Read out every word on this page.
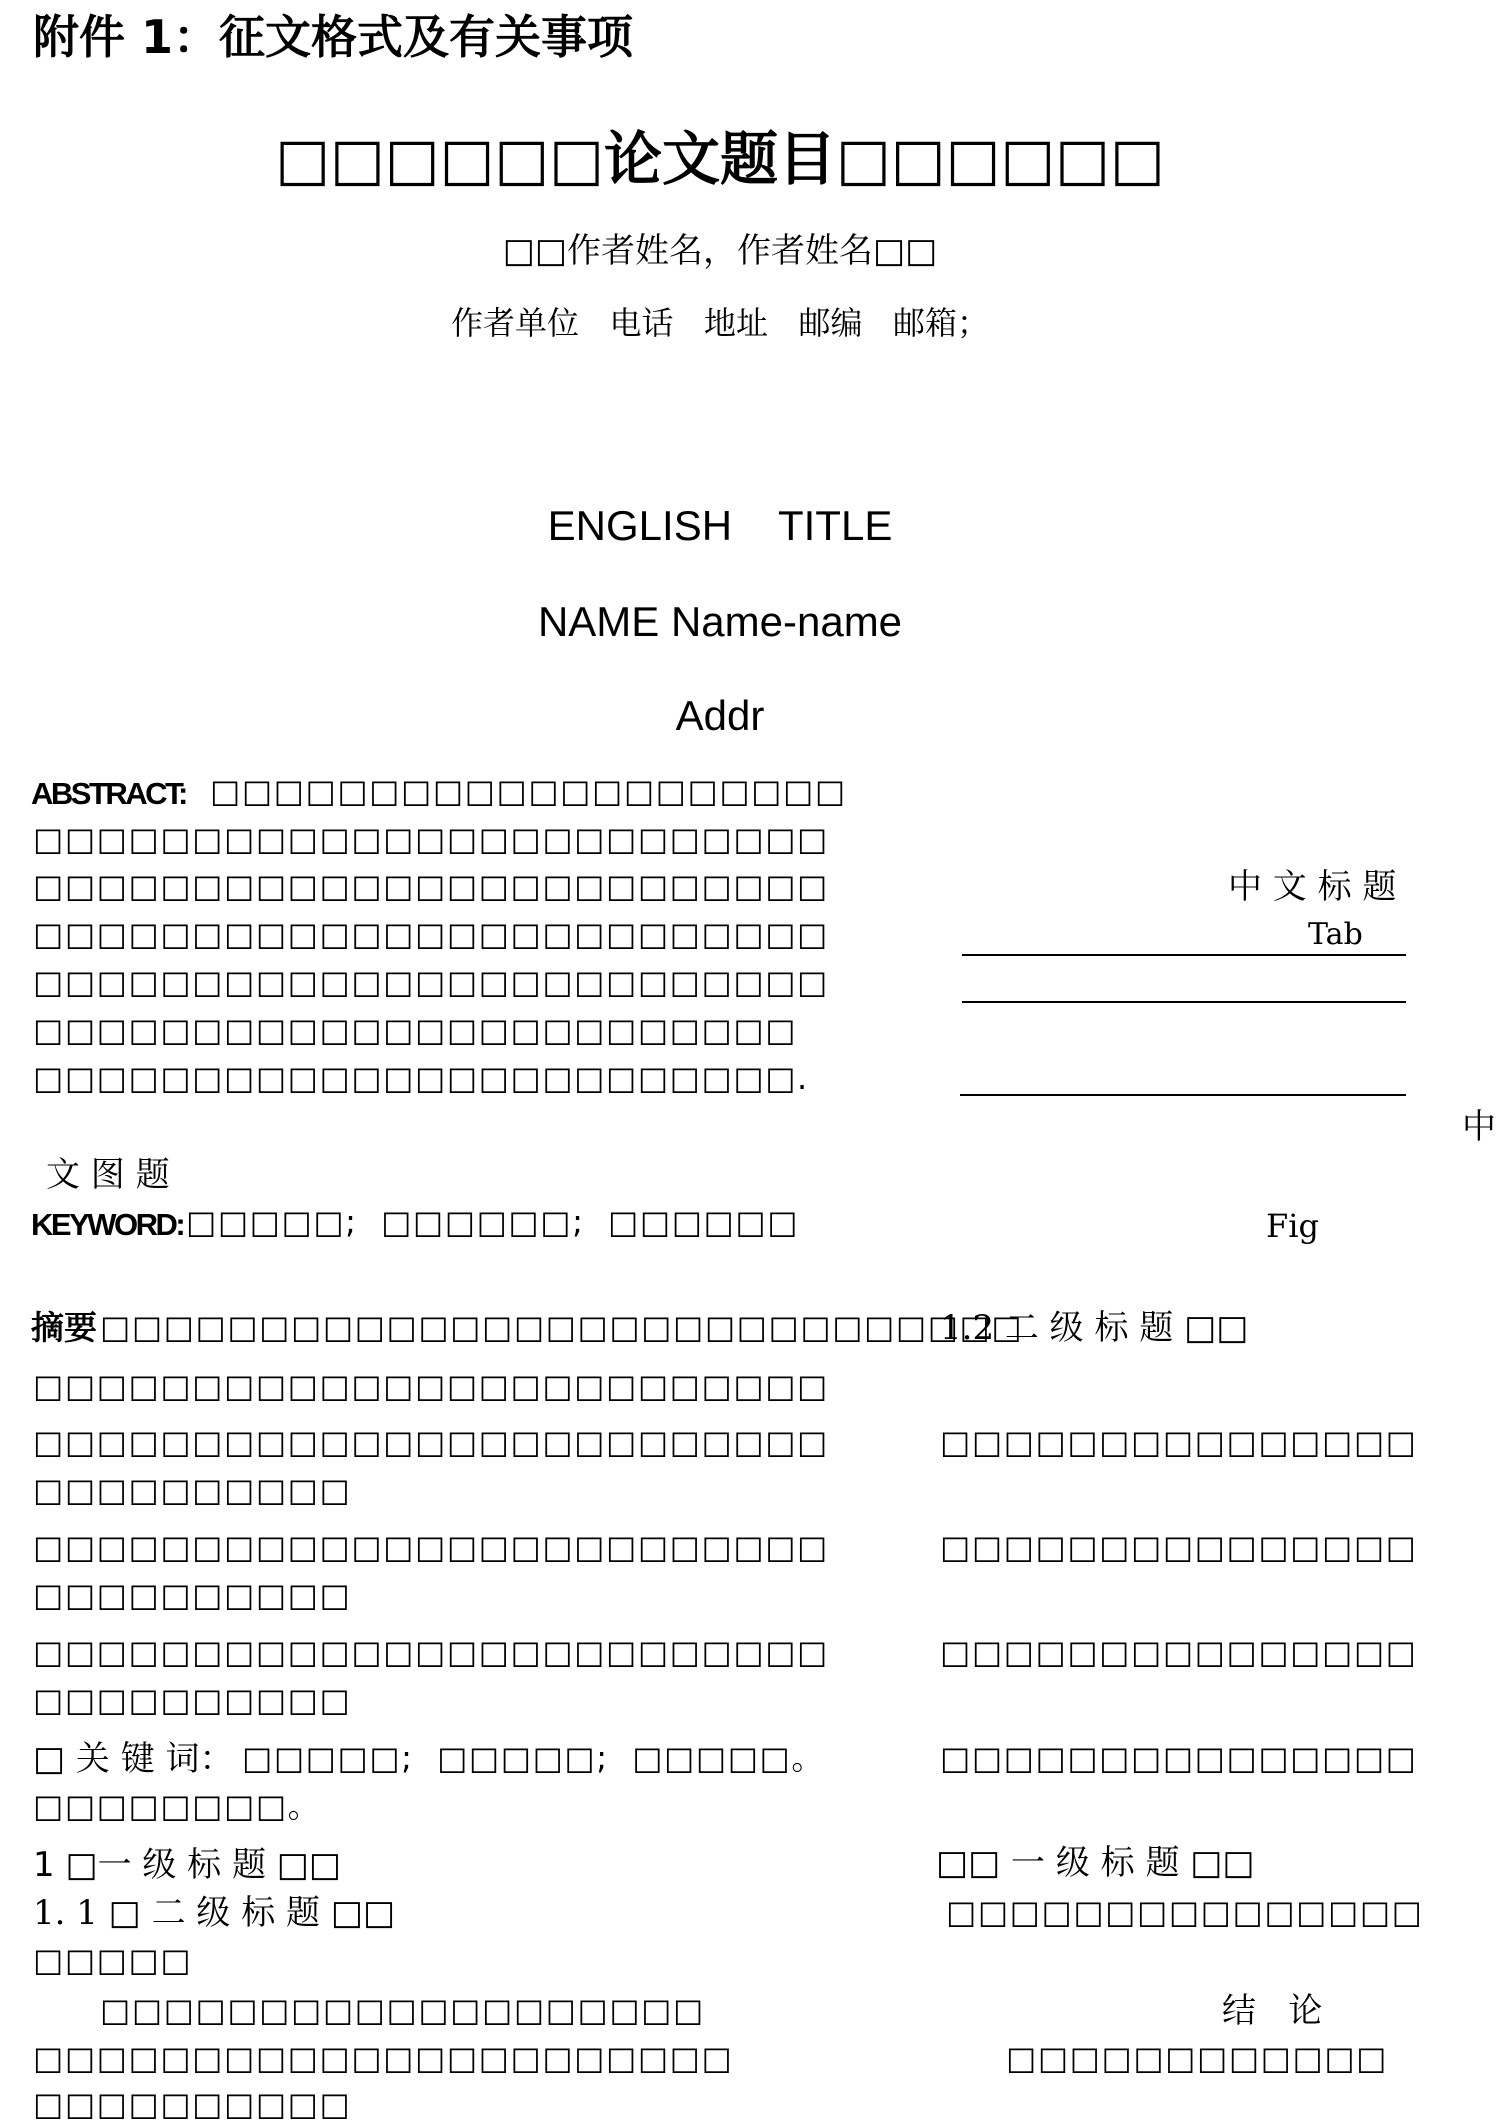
附件 1：征文格式及有关事项
□□□□□□论文题目□□□□□□
□□作者姓名，作者姓名□□
作者单位   电话   地址   邮编   邮箱；
ENGLISH    TITLE
NAME Name-name
Addr
ABSTRACT: □□□□□□□□□□□□□□□□□□□□
□□□□□□□□□□□□□□□□□□□□□□□□□
□□□□□□□□□□□□□□□□□□□□□□□□□
□□□□□□□□□□□□□□□□□□□□□□□□□
□□□□□□□□□□□□□□□□□□□□□□□□□
□□□□□□□□□□□□□□□□□□□□□□□□
□□□□□□□□□□□□□□□□□□□□□□□□.
中 文 标 题
Tab
中
文 图 题
KEYWORD: □□□□□;  □□□□□□;  □□□□□□	Fig
摘要 □□□□□□□□□□□□□□□□□□□□□□□□□□□□□
□□□□□□□□□□□□□□□□□□□□□□□□□
□□□□□□□□□□□□□□□□□□□□□□□□□
□□□□□□□□□□
□□□□□□□□□□□□□□□□□□□□□□□□□
□□□□□□□□□□
□□□□□□□□□□□□□□□□□□□□□□□□□
□□□□□□□□□□
□ 关 键 词： □□□□□;  □□□□□;  □□□□□。
□□□□□□□□。
1 □一 级 标 题 □□
1. 1 □ 二 级 标 题 □□
□□□□□
□□□□□□□□□□□□□□□□□□□
□□□□□□□□□□□□□□□□□□□□□□
□□□□□□□□□□
1.2 二 级 标 题 □□
□□□□□□□□□□□□□□□
□□□□□□□□□□□□□□□
□□□□□□□□□□□□□□□
□□□□□□□□□□□□□□□
□□ 一 级 标 题 □□
□□□□□□□□□□□□□□□
结   论
□□□□□□□□□□□□
